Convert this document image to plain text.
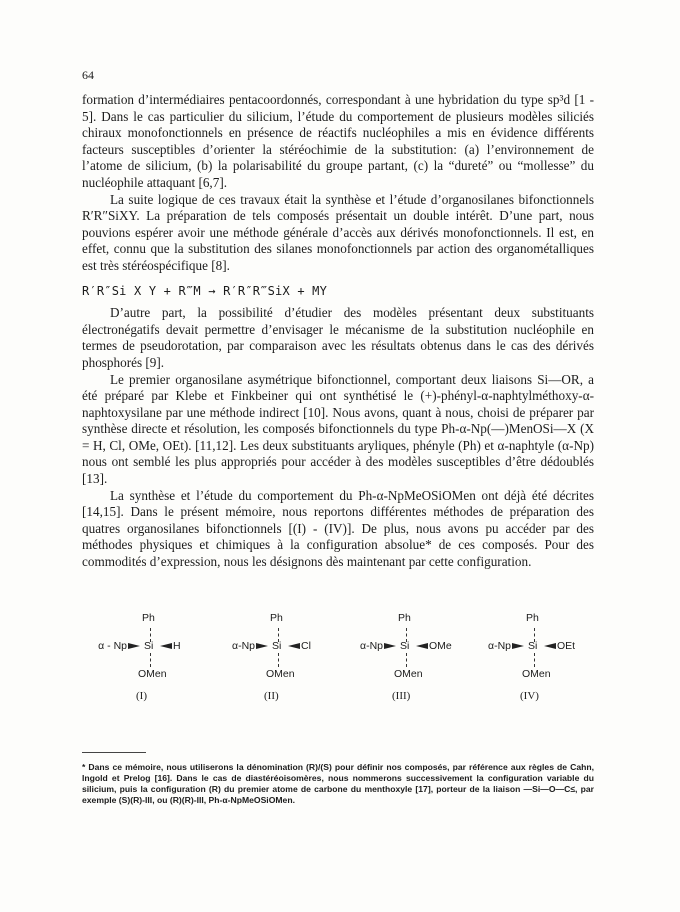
64

formation d’intermédiaires pentacoordonnés, correspondant à une hybridation du type sp³d [1 - 5]. Dans le cas particulier du silicium, l’étude du comportement de plusieurs modèles siliciés chiraux monofonctionnels en présence de réactifs nucléophiles a mis en évidence différents facteurs susceptibles d’orienter la stéréochimie de la substitution: (a) l’environnement de l’atome de silicium, (b) la polarisabilité du groupe partant, (c) la “dureté” ou “mollesse” du nucléophile attaquant [6,7].

La suite logique de ces travaux était la synthèse et l’étude d’organosilanes bifonctionnels R′R″SiXY. La préparation de tels composés présentait un double intérêt. D’une part, nous pouvions espérer avoir une méthode générale d’accès aux dérivés monofonctionnels. Il est, en effet, connu que la substitution des silanes monofonctionnels par action des organométalliques est très stéréospécifique [8].

R′R″Si X Y + R‴M → R′R″R‴SiX + MY

D’autre part, la possibilité d’étudier des modèles présentant deux substituants électronégatifs devait permettre d’envisager le mécanisme de la substitution nucléophile en termes de pseudorotation, par comparaison avec les résultats obtenus dans le cas des dérivés phosphorés [9].

Le premier organosilane asymétrique bifonctionnel, comportant deux liaisons Si—OR, a été préparé par Klebe et Finkbeiner qui ont synthétisé le (+)-phényl-α-naphtylméthoxy-α-naphtoxysilane par une méthode indirect [10]. Nous avons, quant à nous, choisi de préparer par synthèse directe et résolution, les composés bifonctionnels du type Ph-α-Np(—)MenOSi—X (X = H, Cl, OMe, OEt). [11,12]. Les deux substituants aryliques, phényle (Ph) et α-naphtyle (α-Np) nous ont semblé les plus appropriés pour accéder à des modèles susceptibles d’être dédoublés [13].

La synthèse et l’étude du comportement du Ph-α-NpMeOSiOMen ont déjà été décrites [14,15]. Dans le présent mémoire, nous reportons différentes méthodes de préparation des quatres organosilanes bifonctionnels [(I) - (IV)]. De plus, nous avons pu accéder par des méthodes physiques et chimiques à la configuration absolue* de ces composés. Pour des commodités d’expression, nous les désignons dès maintenant par cette configuration.

Ph
α - Np	Si	H
OMen
(I)
Ph
α-Np	Si	Cl
OMen
(II)
Ph
α-Np	Si	OMe
OMen
(III)
Ph
α-Np	Si	OEt
OMen
(IV)
* Dans ce mémoire, nous utiliserons la dénomination (R)/(S) pour définir nos composés, par référence aux règles de Cahn, Ingold et Prelog [16]. Dans le cas de diastéréoisomères, nous nommerons successivement la configuration variable du silicium, puis la configuration (R) du premier atome de carbone du menthoxyle [17], porteur de la liaison —Si—O—C≤, par exemple (S)(R)-III, ou (R)(R)-III, Ph-α-NpMeOSiOMen.
